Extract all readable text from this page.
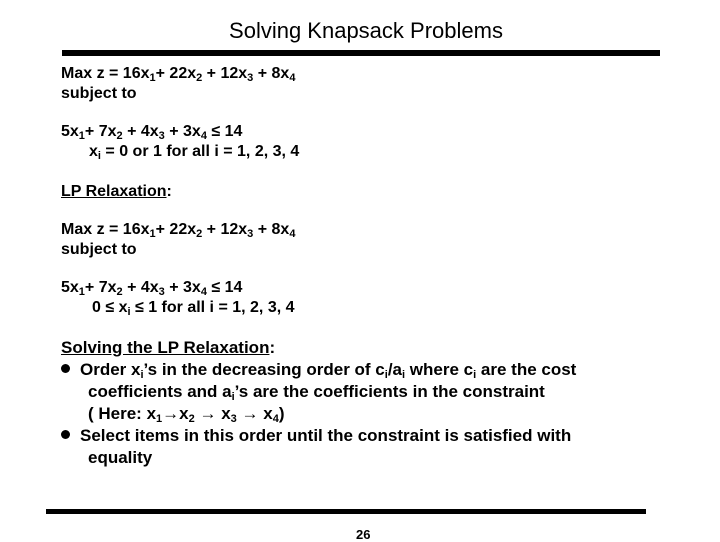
Solving Knapsack Problems
Max $z = 16x_1+ 22x_2 + 12x_3 + 8x_4$
subject to
$5x_1+ 7x_2 + 4x_3 + 3x_4 \le 14$
$x_i = 0$ or 1 for all i = 1, 2, 3, 4
LP Relaxation:
Max $z = 16x_1+ 22x_2 + 12x_3 + 8x_4$
subject to
$5x_1+ 7x_2 + 4x_3 + 3x_4 \le 14$
$0 \le x_i \le 1$ for all i = 1, 2, 3, 4
Solving the LP Relaxation:
Order $x_i’s$ in the decreasing order of $c_i/a_i$ where $c_i$ are the cost
coefficients and $a_i’s$ are the coefficients in the constraint
( Here: $x_1\to x_2 \to x_3 \to x_4$)
Select items in this order until the constraint is satisfied with
equality
26
